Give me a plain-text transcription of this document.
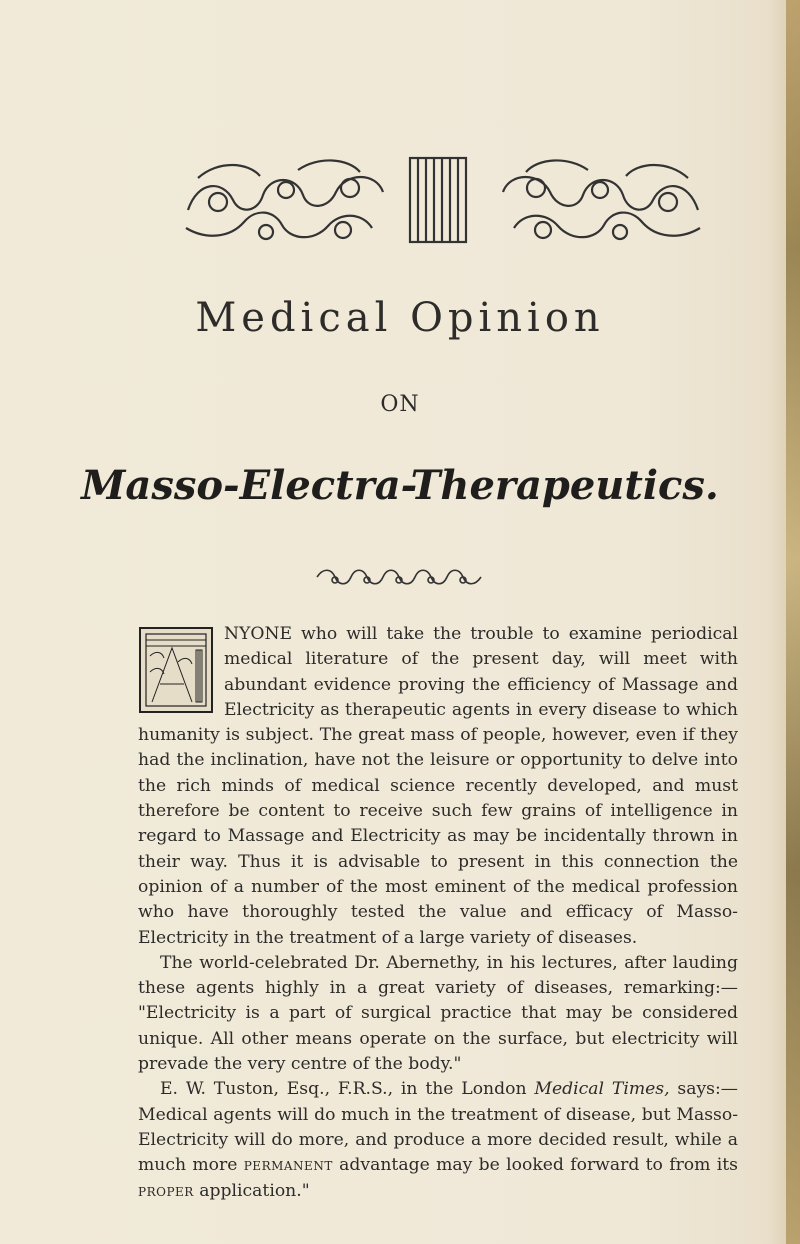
Medical Opinion
ON
Masso-Electra-Therapeutics.

NYONE who will take the trouble to examine periodical medical literature of the present day, will meet with abundant evidence proving the efficiency of Massage and Electricity as therapeutic agents in every disease to which humanity is subject. The great mass of people, however, even if they had the inclination, have not the leisure or opportunity to delve into the rich minds of medical science recently developed, and must therefore be content to receive such few grains of intelligence in regard to Massage and Electricity as may be incidentally thrown in their way. Thus it is advisable to present in this connection the opinion of a number of the most eminent of the medical profession who have thoroughly tested the value and efficacy of Masso-Electricity in the treatment of a large variety of diseases.

The world-celebrated Dr. Abernethy, in his lectures, after lauding these agents highly in a great variety of diseases, remarking:— "Electricity is a part of surgical practice that may be considered unique. All other means operate on the surface, but electricity will prevade the very centre of the body."

E. W. Tuston, Esq., F.R.S., in the London Medical Times, says:— Medical agents will do much in the treatment of disease, but Masso-Electricity will do more, and produce a more decided result, while a much more permanent advantage may be looked forward to from its proper application."
